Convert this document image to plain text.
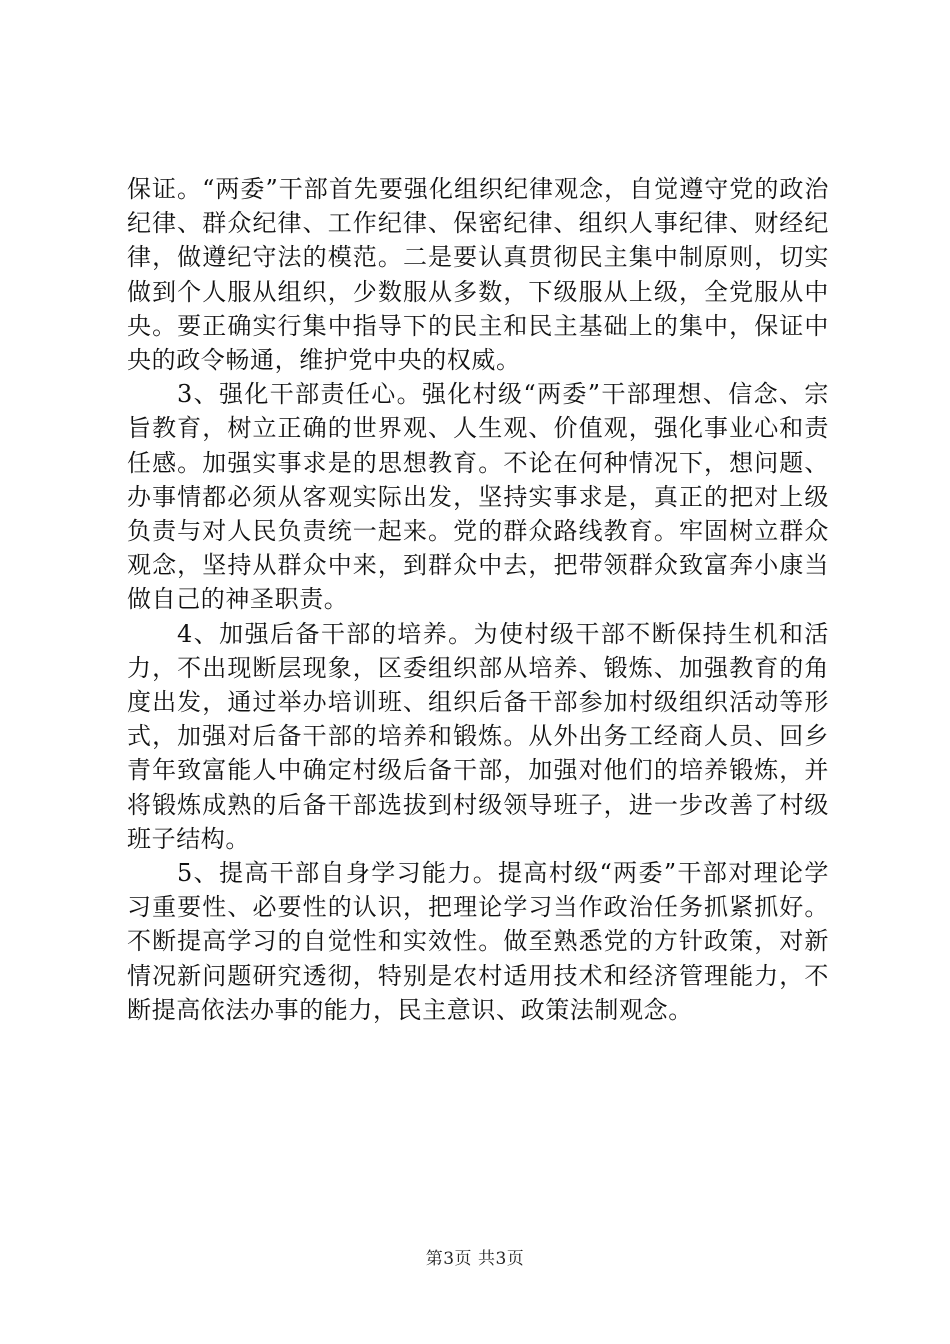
保证。“两委”干部首先要强化组织纪律观念，自觉遵守党的政治纪律、群众纪律、工作纪律、保密纪律、组织人事纪律、财经纪律，做遵纪守法的模范。二是要认真贯彻民主集中制原则，切实做到个人服从组织，少数服从多数，下级服从上级，全党服从中央。要正确实行集中指导下的民主和民主基础上的集中，保证中央的政令畅通，维护党中央的权威。

3、强化干部责任心。强化村级“两委”干部理想、信念、宗旨教育，树立正确的世界观、人生观、价值观，强化事业心和责任感。加强实事求是的思想教育。不论在何种情况下，想问题、办事情都必须从客观实际出发，坚持实事求是，真正的把对上级负责与对人民负责统一起来。党的群众路线教育。牢固树立群众观念，坚持从群众中来，到群众中去，把带领群众致富奔小康当做自己的神圣职责。

4、加强后备干部的培养。为使村级干部不断保持生机和活力，不出现断层现象，区委组织部从培养、锻炼、加强教育的角度出发，通过举办培训班、组织后备干部参加村级组织活动等形式，加强对后备干部的培养和锻炼。从外出务工经商人员、回乡青年致富能人中确定村级后备干部，加强对他们的培养锻炼，并将锻炼成熟的后备干部选拔到村级领导班子，进一步改善了村级班子结构。

5、提高干部自身学习能力。提高村级“两委”干部对理论学习重要性、必要性的认识，把理论学习当作政治任务抓紧抓好。不断提高学习的自觉性和实效性。做至熟悉党的方针政策，对新情况新问题研究透彻，特别是农村适用技术和经济管理能力，不断提高依法办事的能力，民主意识、政策法制观念。

第3页 共3页
